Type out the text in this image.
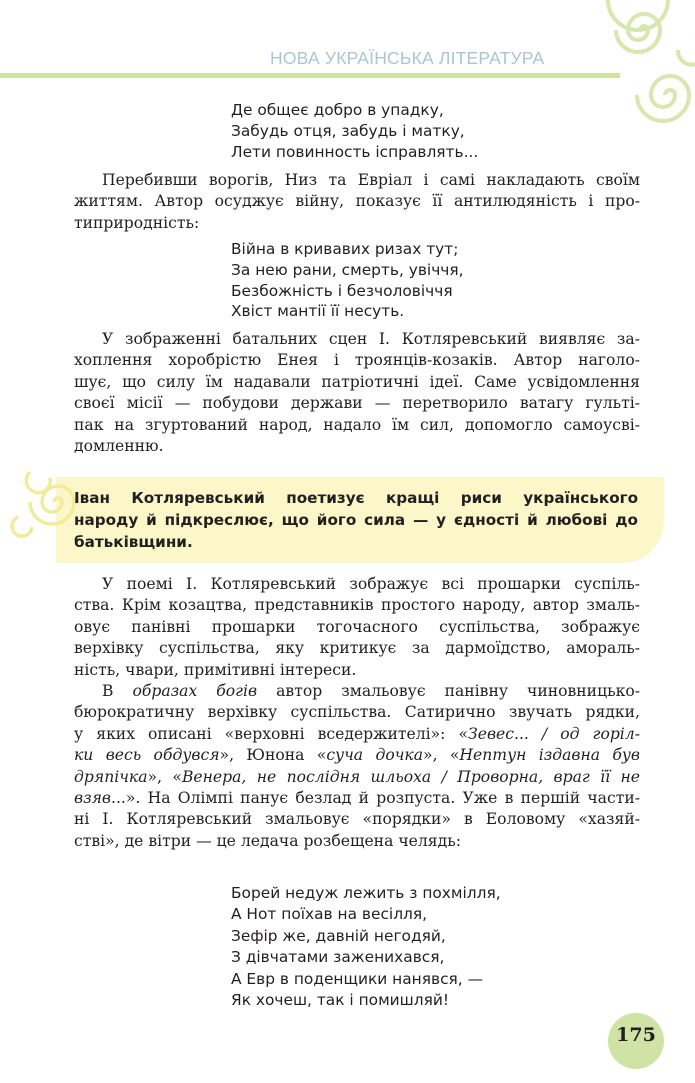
НОВА УКРАЇНСЬКА ЛІТЕРАТУРА
Де общеє добро в упадку,
Забудь отця, забудь і матку,
Лети повинность ісправлять...
Перебивши ворогів, Низ та Евріал і самі накладають своїм
життям. Автор осуджує війну, показує її антилюдяність і про-
типриродність:
Війна в кривавих ризах тут;
За нею рани, смерть, увiччя,
Безбожність і безчоловіччя
Хвіст мантії її несуть.
У зображенні батальних сцен І. Котляревський виявляє за-
хоплення хоробрістю Енея і троянців-козаків. Автор наголо-
шує, що силу їм надавали патріотичні ідеї. Саме усвідомлення
своєї місії — побудови держави — перетворило ватагу гульті-
пак на згуртований народ, надало їм сил, допомогло самоусві-
домленню.
Іван Котляревський поетизує кращі риси українського
народу й підкреслює, що його сила — у єдності й любові до
батьківщини.
У поемі І. Котляревський зображує всі прошарки суспіль-
ства. Крім козацтва, представників простого народу, автор змаль-
овує панівні прошарки тогочасного суспільства, зображує
верхівку суспільства, яку критикує за дармоїдство, амораль-
ність, чвари, примітивні інтереси.
В образах богів автор змальовує панівну чиновницько-
бюрократичну верхівку суспільства. Сатирично звучать рядки,
у яких описані «верховні вседержителі»: «Зевес... / од горіл-
ки весь обдувся», Юнона «суча дочка», «Нептун іздавна був
дряпічка», «Венера, не послідня шльоха / Проворна, враг її не
взяв...». На Олімпі панує безлад й розпуста. Уже в першій части-
ні І. Котляревський змальовує «порядки» в Еоловому «хазяй-
стві», де вітри — це ледача розбещена челядь:
Борей недуж лежить з похмілля,
А Нот поїхав на весілля,
Зефір же, давній негодяй,
З дівчатами заженихався,
А Евр в поденщики нанявся, —
Як хочеш, так і помишляй!
175
